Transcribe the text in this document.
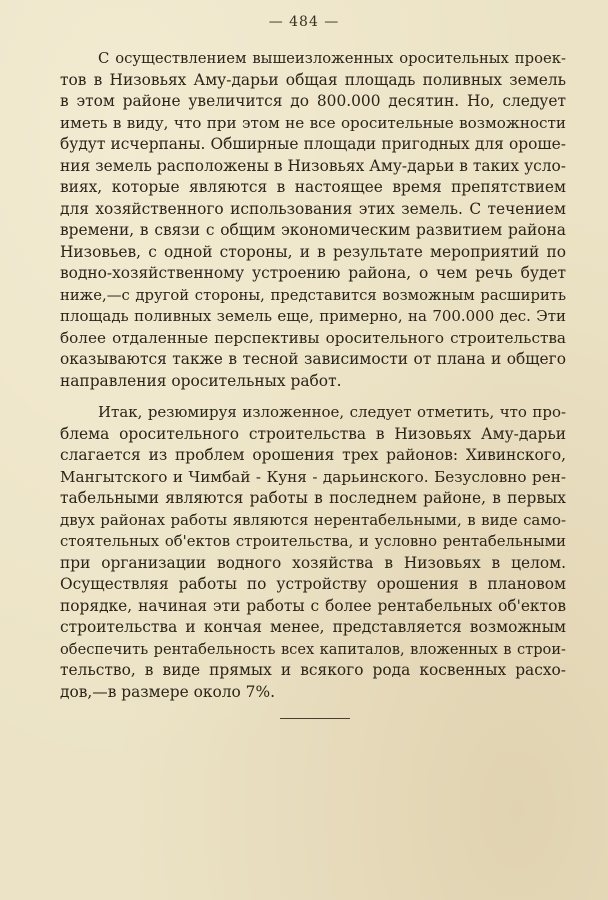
— 484 —
С осуществлением вышеизложенных оросительных проек-
тов в Низовьях Аму-дарьи общая площадь поливных земель
в этом районе увеличится до 800.000 десятин. Но, следует
иметь в виду, что при этом не все оросительные возможности
будут исчерпаны. Обширные площади пригодных для ороше-
ния земель расположены в Низовьях Аму-дарьи в таких усло-
виях, которые являются в настоящее время препятствием
для хозяйственного использования этих земель. С течением
времени, в связи с общим экономическим развитием района
Низовьев, с одной стороны, и в результате мероприятий по
водно-хозяйственному устроению района, о чем речь будет
ниже,—с другой стороны, представится возможным расширить
площадь поливных земель еще, примерно, на 700.000 дес. Эти
более отдаленные перспективы оросительного строительства
оказываются также в тесной зависимости от плана и общего
направления оросительных работ.
Итак, резюмируя изложенное, следует отметить, что про-
блема оросительного строительства в Низовьях Аму-дарьи
слагается из проблем орошения трех районов: Хивинского,
Мангытского и Чимбай - Куня - дарьинского. Безусловно рен-
табельными являются работы в последнем районе, в первых
двух районах работы являются нерентабельными, в виде само-
стоятельных об'ектов строительства, и условно рентабельными
при организации водного хозяйства в Низовьях в целом.
Осуществляя работы по устройству орошения в плановом
порядке, начиная эти работы с более рентабельных об'ектов
строительства и кончая менее, представляется возможным
обеспечить рентабельность всех капиталов, вложенных в строи-
тельство, в виде прямых и всякого рода косвенных расхо-
дов,—в размере около 7%.
